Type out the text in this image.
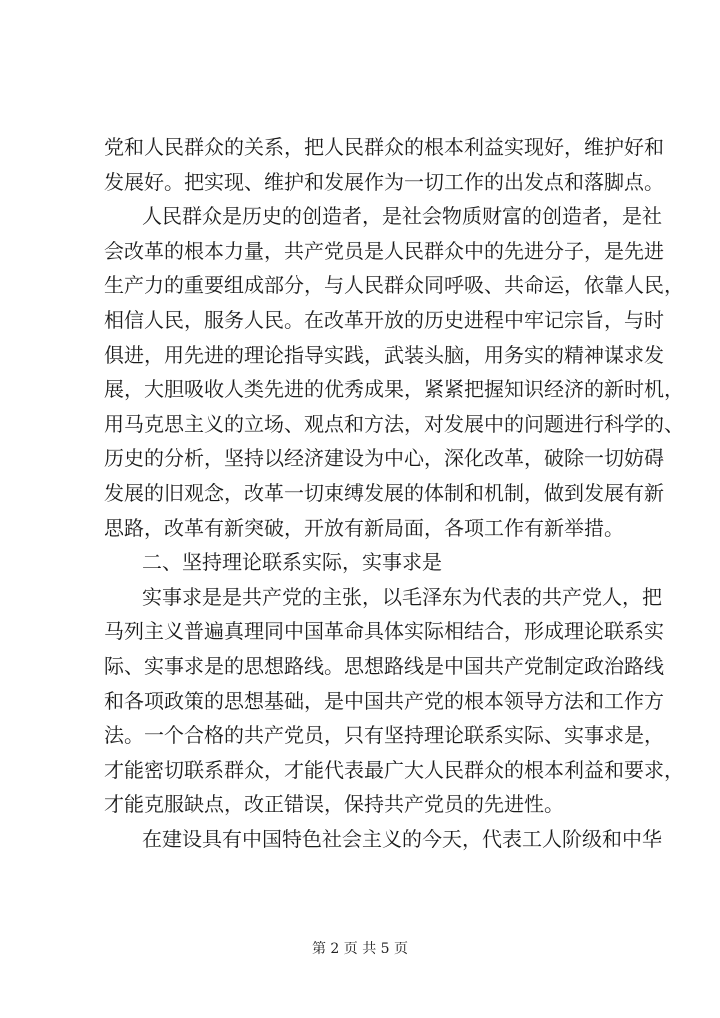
党和人民群众的关系，把人民群众的根本利益实现好，维护好和
发展好。把实现、维护和发展作为一切工作的出发点和落脚点。
人民群众是历史的创造者，是社会物质财富的创造者，是社
会改革的根本力量，共产党员是人民群众中的先进分子，是先进
生产力的重要组成部分，与人民群众同呼吸、共命运，依靠人民，
相信人民，服务人民。在改革开放的历史进程中牢记宗旨，与时
俱进，用先进的理论指导实践，武装头脑，用务实的精神谋求发
展，大胆吸收人类先进的优秀成果，紧紧把握知识经济的新时机，
用马克思主义的立场、观点和方法，对发展中的问题进行科学的、
历史的分析，坚持以经济建设为中心，深化改革，破除一切妨碍
发展的旧观念，改革一切束缚发展的体制和机制，做到发展有新
思路，改革有新突破，开放有新局面，各项工作有新举措。
二、坚持理论联系实际，实事求是
实事求是是共产党的主张，以毛泽东为代表的共产党人，把
马列主义普遍真理同中国革命具体实际相结合，形成理论联系实
际、实事求是的思想路线。思想路线是中国共产党制定政治路线
和各项政策的思想基础，是中国共产党的根本领导方法和工作方
法。一个合格的共产党员，只有坚持理论联系实际、实事求是，
才能密切联系群众，才能代表最广大人民群众的根本利益和要求，
才能克服缺点，改正错误，保持共产党员的先进性。
在建设具有中国特色社会主义的今天，代表工人阶级和中华
第 2 页 共 5 页
